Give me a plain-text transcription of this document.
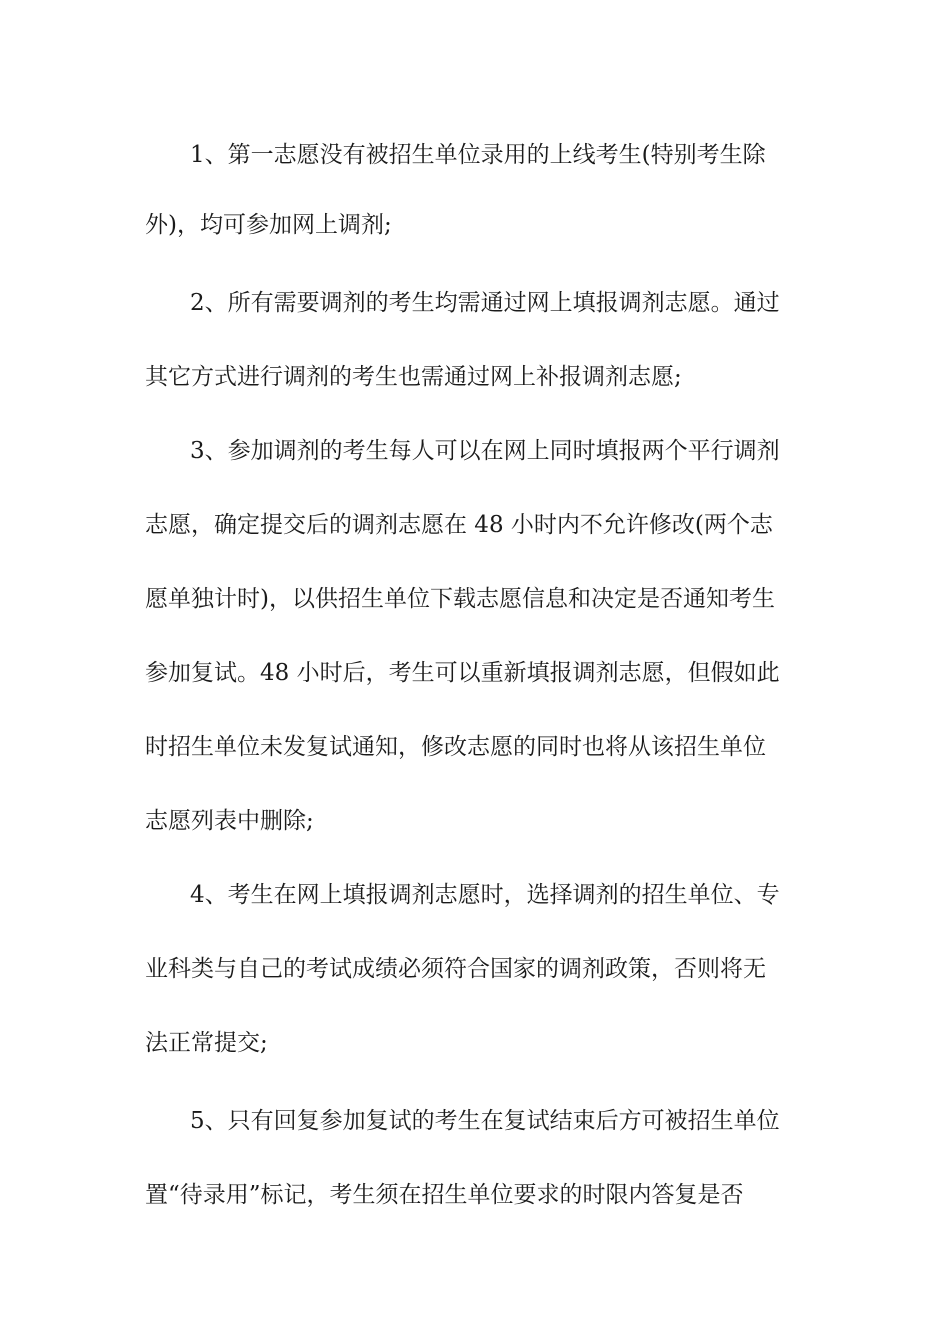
1、第一志愿没有被招生单位录用的上线考生(特别考生除
外)，均可参加网上调剂;
2、所有需要调剂的考生均需通过网上填报调剂志愿。通过
其它方式进行调剂的考生也需通过网上补报调剂志愿;
3、参加调剂的考生每人可以在网上同时填报两个平行调剂
志愿，确定提交后的调剂志愿在 48 小时内不允许修改(两个志
愿单独计时)，以供招生单位下载志愿信息和决定是否通知考生
参加复试。48 小时后，考生可以重新填报调剂志愿，但假如此
时招生单位未发复试通知，修改志愿的同时也将从该招生单位
志愿列表中删除;
4、考生在网上填报调剂志愿时，选择调剂的招生单位、专
业科类与自己的考试成绩必须符合国家的调剂政策，否则将无
法正常提交;
5、只有回复参加复试的考生在复试结束后方可被招生单位
置“待录用”标记，考生须在招生单位要求的时限内答复是否
